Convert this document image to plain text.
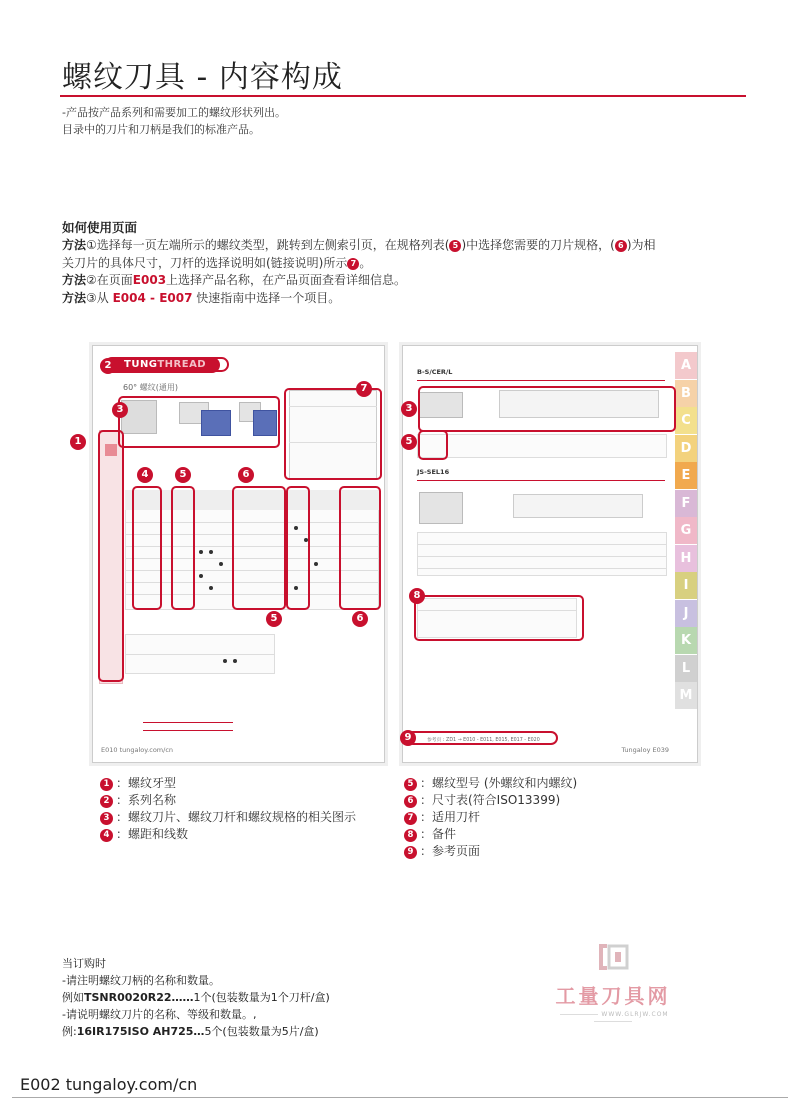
螺纹刀具 - 内容构成
-产品按产品系列和需要加工的螺纹形状列出。
目录中的刀片和刀柄是我们的标准产品。
如何使用页面
方法①选择每一页左端所示的螺纹类型，跳转到左侧索引页，在规格列表( 5 )中选择您需要的刀片规格，( 6 )为相关刀片的具体尺寸，刀杆的选择说明如(链接说明)所示 7 。
方法②在页面E003上选择产品名称，在产品页面查看详细信息。
方法③从 E004 - E007 快速指南中选择一个项目。
TUNGTHREAD
60° 螺纹(通用)
E010 tungaloy.com/cn
B-S/CER/L
JS-SEL16
参考页 : ZD1 → E010 - E011, E015, E017 - E020
Tungaloy E039
A
B
C
D
E
F
G
H
I
J
K
L
M
1
2
3
7
4	5	6
5	6
3
5
8
9
1 ：螺纹牙型
2 ：系列名称
3 ：螺纹刀片、螺纹刀杆和螺纹规格的相关图示
4 ：螺距和线数
5 ：螺纹型号 (外螺纹和内螺纹)
6 ：尺寸表(符合ISO13399)
7 ：适用刀杆
8 ：备件
9 ：参考页面
当订购时
-请注明螺纹刀柄的名称和数量。
例如TSNR0020R22……1个(包装数量为1个刀杆/盒)
-请说明螺纹刀片的名称、等级和数量。,
例:16IR175ISO AH725…5个(包装数量为5片/盒)
工量刀具网
WWW.GLRJW.COM
E002 tungaloy.com/cn
